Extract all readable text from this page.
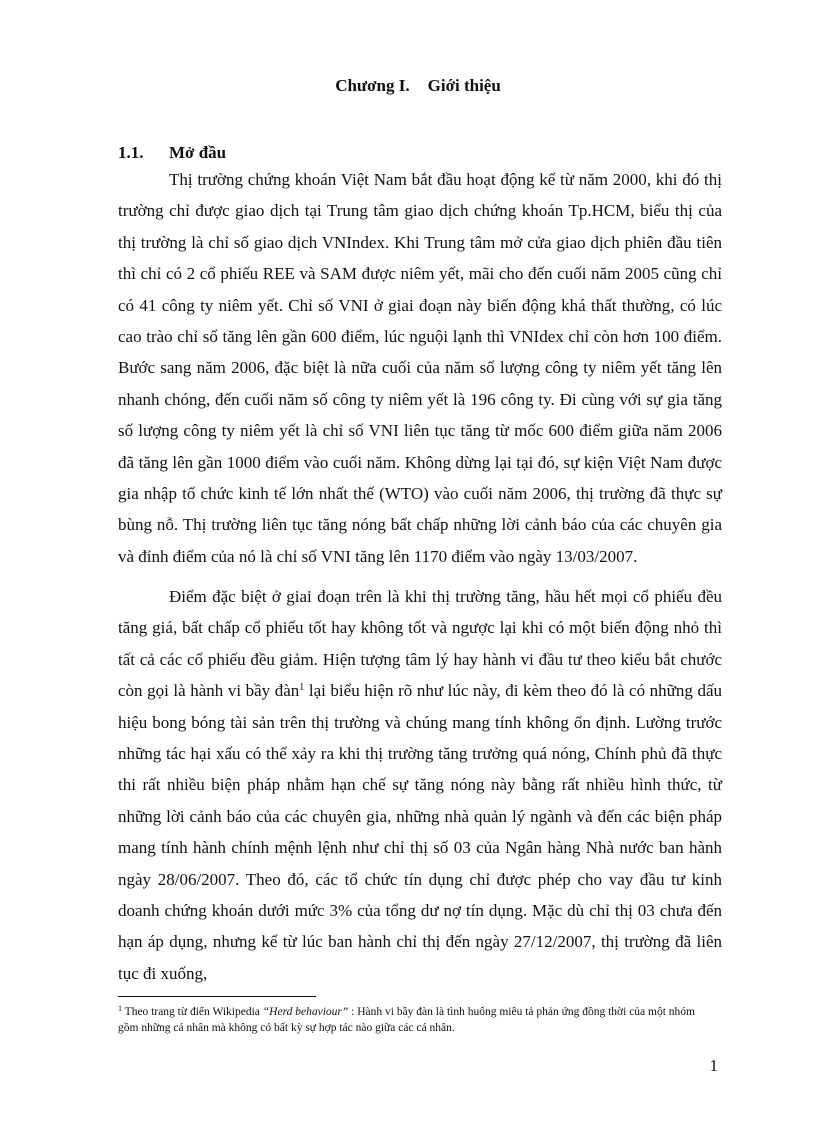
Chương I. Giới thiệu
1.1. Mở đầu

Thị trường chứng khoán Việt Nam bắt đầu hoạt động kể từ năm 2000, khi đó thị trường chỉ được giao dịch tại Trung tâm giao dịch chứng khoán Tp.HCM, biểu thị của thị trường là chỉ số giao dịch VNIndex. Khi Trung tâm mở cửa giao dịch phiên đầu tiên thì chỉ có 2 cổ phiếu REE và SAM được niêm yết, mãi cho đến cuối năm 2005 cũng chỉ có 41 công ty niêm yết. Chỉ số VNI ở giai đoạn này biến động khá thất thường, có lúc cao trào chỉ số tăng lên gần 600 điểm, lúc nguội lạnh thì VNIdex chỉ còn hơn 100 điểm. Bước sang năm 2006, đặc biệt là nữa cuối của năm số lượng công ty niêm yết tăng lên nhanh chóng, đến cuối năm số công ty niêm yết là 196 công ty. Đi cùng với sự gia tăng số lượng công ty niêm yết là chỉ số VNI liên tục tăng từ mốc 600 điểm giữa năm 2006 đã tăng lên gần 1000 điểm vào cuối năm. Không dừng lại tại đó, sự kiện Việt Nam được gia nhập tổ chức kinh tế lớn nhất thế (WTO) vào cuối năm 2006, thị trường đã thực sự bùng nỗ. Thị trường liên tục tăng nóng bất chấp những lời cảnh báo của các chuyên gia và đỉnh điểm của nó là chỉ số VNI tăng lên 1170 điểm vào ngày 13/03/2007.

Điểm đặc biệt ở giai đoạn trên là khi thị trường tăng, hầu hết mọi cổ phiếu đều tăng giá, bất chấp cổ phiếu tốt hay không tốt và ngược lại khi có một biến động nhỏ thì tất cả các cổ phiếu đều giảm. Hiện tượng tâm lý hay hành vi đầu tư theo kiểu bắt chước còn gọi là hành vi bầy đàn$^1$ lại biểu hiện rõ như lúc này, đi kèm theo đó là có những dấu hiệu bong bóng tài sản trên thị trường và chúng mang tính không ổn định. Lường trước những tác hại xấu có thể xảy ra khi thị trường tăng trưởng quá nóng, Chính phủ đã thực thi rất nhiều biện pháp nhằm hạn chế sự tăng nóng này bằng rất nhiều hình thức, từ những lời cảnh báo của các chuyên gia, những nhà quản lý ngành và đến các biện pháp mang tính hành chính mệnh lệnh như chỉ thị số 03 của Ngân hàng Nhà nước ban hành ngày 28/06/2007. Theo đó, các tổ chức tín dụng chỉ được phép cho vay đầu tư kinh doanh chứng khoán dưới mức 3% của tổng dư nợ tín dụng. Mặc dù chỉ thị 03 chưa đến hạn áp dụng, nhưng kể từ lúc ban hành chỉ thị đến ngày 27/12/2007, thị trường đã liên tục đi xuống,

$^1$ Theo trang từ điển Wikipedia “Herd behaviour” : Hành vi bầy đàn là tình huống miêu tả phản ứng đồng thời của một nhóm gồm những cá nhân mà không có bất kỳ sự hợp tác nào giữa các cá nhân.
1
